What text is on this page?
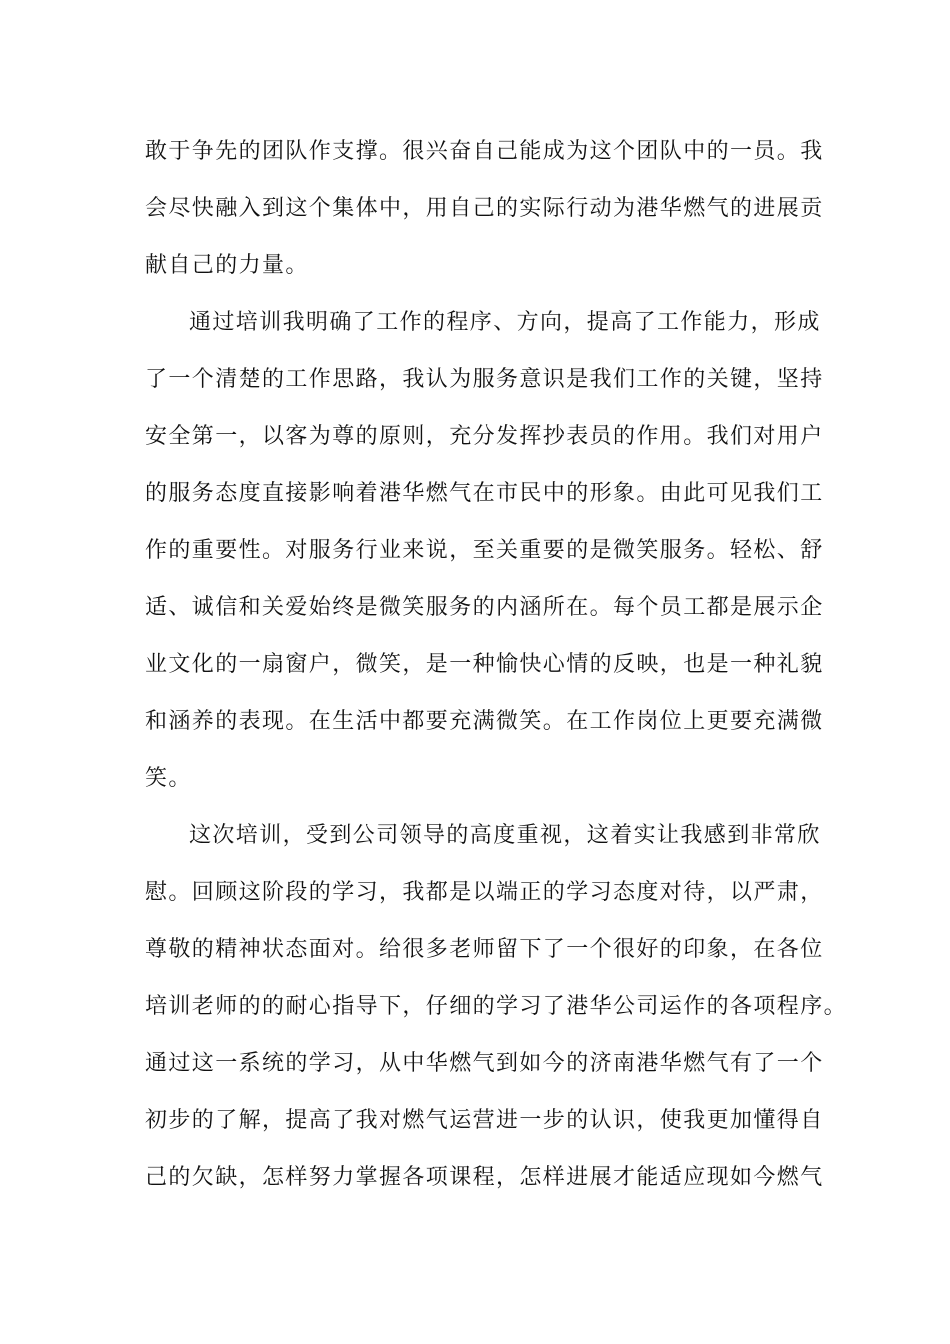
敢于争先的团队作支撑。很兴奋自己能成为这个团队中的一员。我
会尽快融入到这个集体中，用自己的实际行动为港华燃气的进展贡
献自己的力量。
通过培训我明确了工作的程序、方向，提高了工作能力，形成
了一个清楚的工作思路，我认为服务意识是我们工作的关键，坚持
安全第一，以客为尊的原则，充分发挥抄表员的作用。我们对用户
的服务态度直接影响着港华燃气在市民中的形象。由此可见我们工
作的重要性。对服务行业来说，至关重要的是微笑服务。轻松、舒
适、诚信和关爱始终是微笑服务的内涵所在。每个员工都是展示企
业文化的一扇窗户，微笑，是一种愉快心情的反映，也是一种礼貌
和涵养的表现。在生活中都要充满微笑。在工作岗位上更要充满微
笑。
这次培训，受到公司领导的高度重视，这着实让我感到非常欣
慰。回顾这阶段的学习，我都是以端正的学习态度对待，以严肃，
尊敬的精神状态面对。给很多老师留下了一个很好的印象，在各位
培训老师的的耐心指导下，仔细的学习了港华公司运作的各项程序。
通过这一系统的学习，从中华燃气到如今的济南港华燃气有了一个
初步的了解，提高了我对燃气运营进一步的认识，使我更加懂得自
己的欠缺，怎样努力掌握各项课程，怎样进展才能适应现如今燃气
